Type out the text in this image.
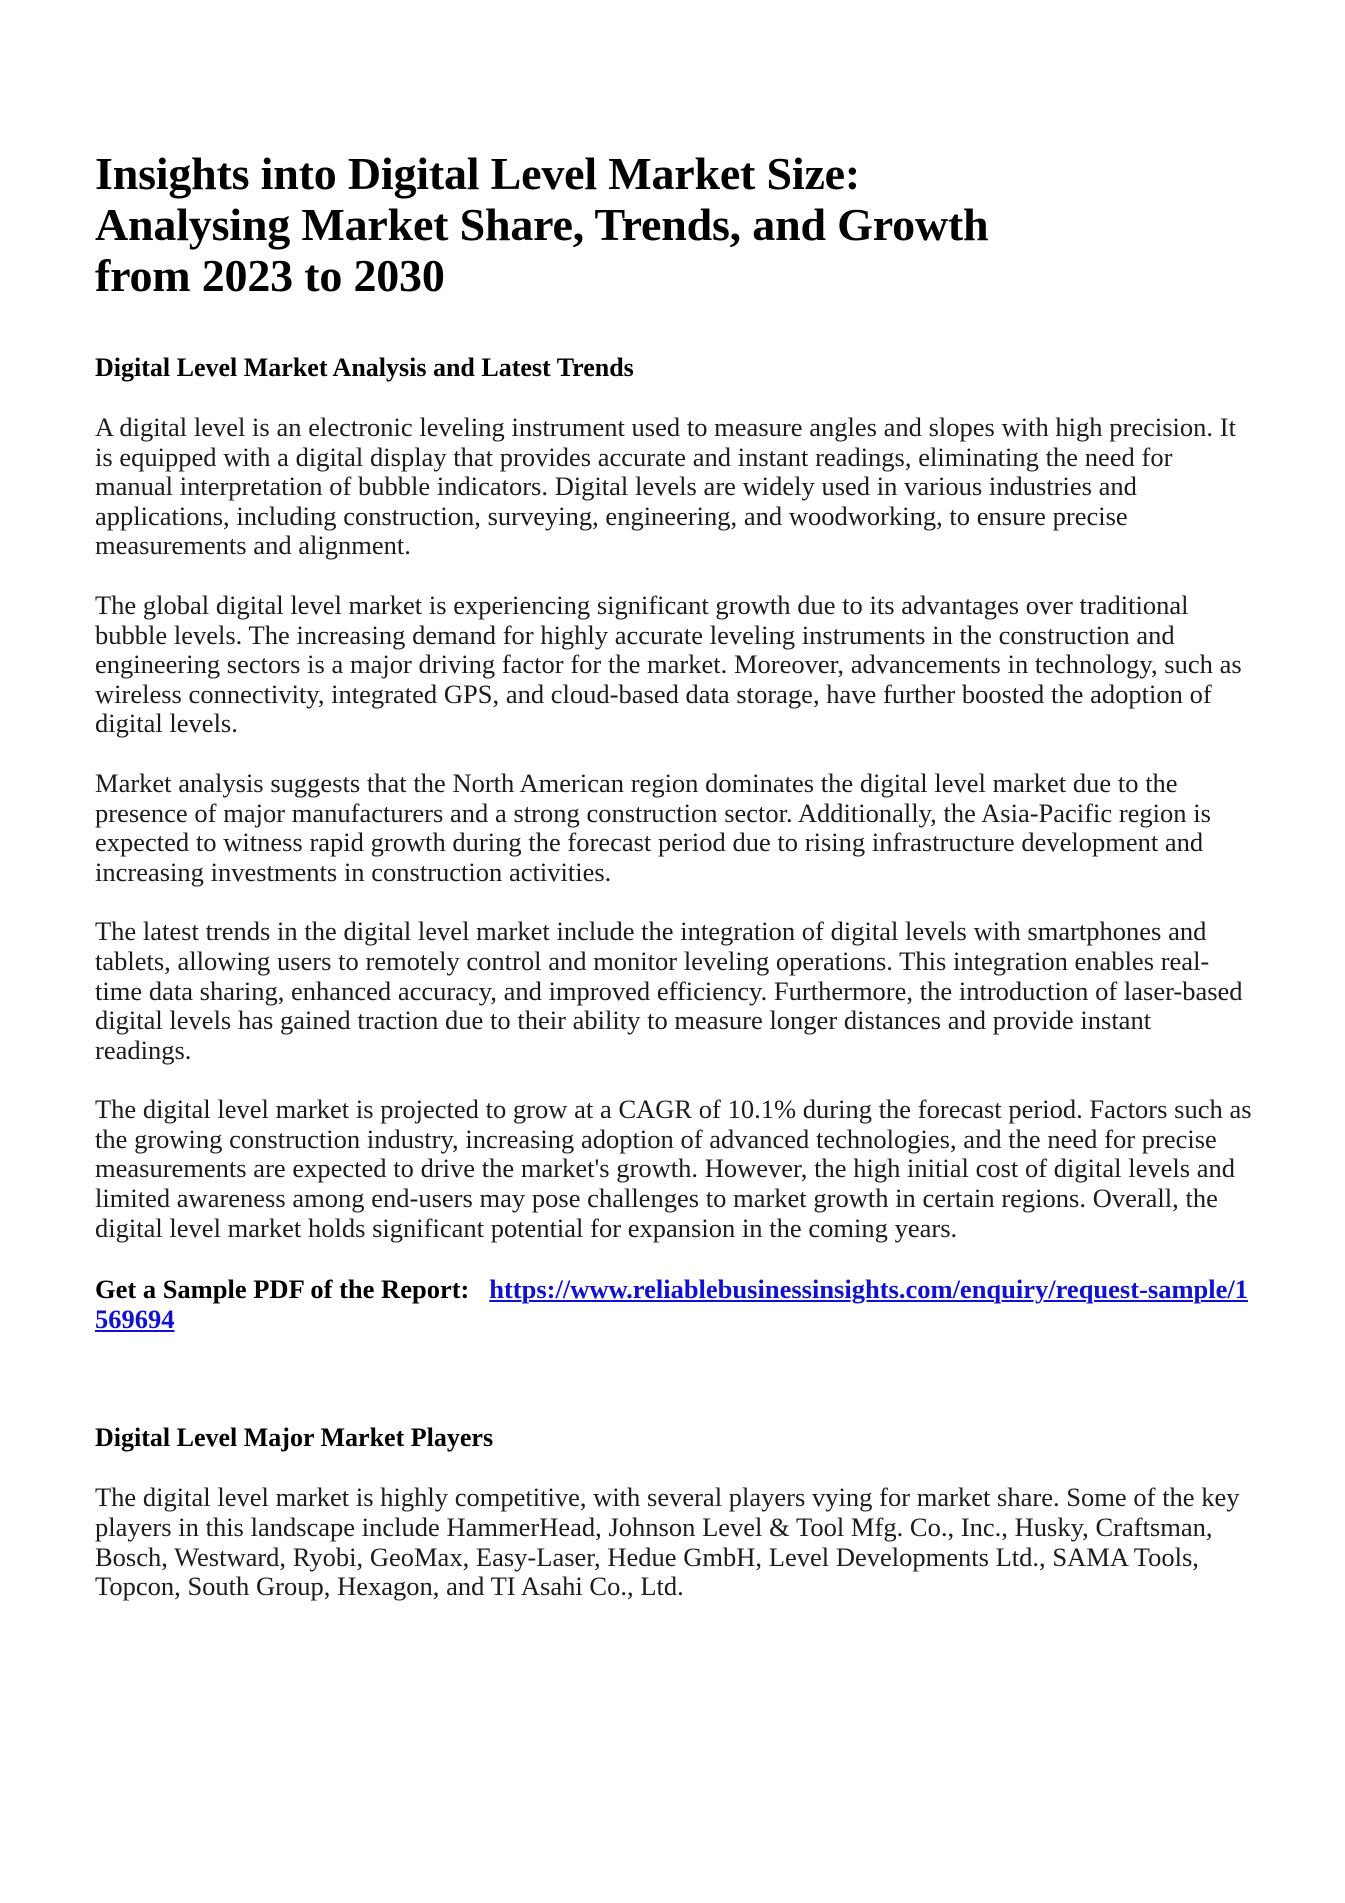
Insights into Digital Level Market Size: Analysing Market Share, Trends, and Growth from 2023 to 2030
Digital Level Market Analysis and Latest Trends

A digital level is an electronic leveling instrument used to measure angles and slopes with high precision. It is equipped with a digital display that provides accurate and instant readings, eliminating the need for manual interpretation of bubble indicators. Digital levels are widely used in various industries and applications, including construction, surveying, engineering, and woodworking, to ensure precise measurements and alignment.

The global digital level market is experiencing significant growth due to its advantages over traditional bubble levels. The increasing demand for highly accurate leveling instruments in the construction and engineering sectors is a major driving factor for the market. Moreover, advancements in technology, such as wireless connectivity, integrated GPS, and cloud-based data storage, have further boosted the adoption of digital levels.

Market analysis suggests that the North American region dominates the digital level market due to the presence of major manufacturers and a strong construction sector. Additionally, the Asia-Pacific region is expected to witness rapid growth during the forecast period due to rising infrastructure development and increasing investments in construction activities.

The latest trends in the digital level market include the integration of digital levels with smartphones and tablets, allowing users to remotely control and monitor leveling operations. This integration enables real-time data sharing, enhanced accuracy, and improved efficiency. Furthermore, the introduction of laser-based digital levels has gained traction due to their ability to measure longer distances and provide instant readings.

The digital level market is projected to grow at a CAGR of 10.1% during the forecast period. Factors such as the growing construction industry, increasing adoption of advanced technologies, and the need for precise measurements are expected to drive the market's growth. However, the high initial cost of digital levels and limited awareness among end-users may pose challenges to market growth in certain regions. Overall, the digital level market holds significant potential for expansion in the coming years.

Get a Sample PDF of the Report: https://www.reliablebusinessinsights.com/enquiry/request-sample/1569694

Digital Level Major Market Players

The digital level market is highly competitive, with several players vying for market share. Some of the key players in this landscape include HammerHead, Johnson Level & Tool Mfg. Co., Inc., Husky, Craftsman, Bosch, Westward, Ryobi, GeoMax, Easy-Laser, Hedue GmbH, Level Developments Ltd., SAMA Tools, Topcon, South Group, Hexagon, and TI Asahi Co., Ltd.
